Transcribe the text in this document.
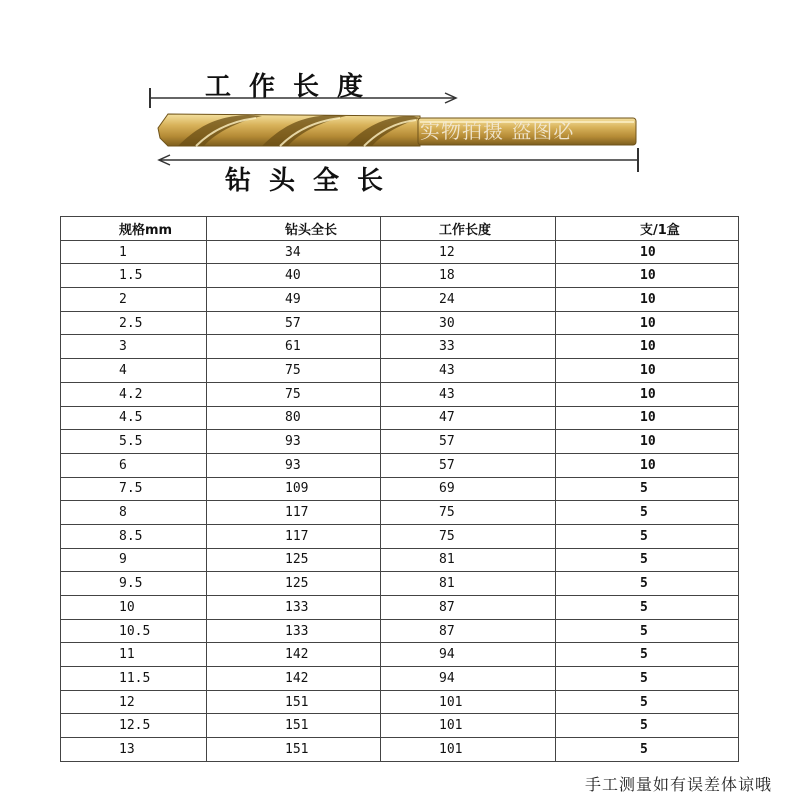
工作长度
钻头全长
实物拍摄 盗图必
规格mm	钻头全长	工作长度	支/1盒
1	34	12	10
1.5	40	18	10
2	49	24	10
2.5	57	30	10
3	61	33	10
4	75	43	10
4.2	75	43	10
4.5	80	47	10
5.5	93	57	10
6	93	57	10
7.5	109	69	5
8	117	75	5
8.5	117	75	5
9	125	81	5
9.5	125	81	5
10	133	87	5
10.5	133	87	5
11	142	94	5
11.5	142	94	5
12	151	101	5
12.5	151	101	5
13	151	101	5
手工测量如有误差体谅哦
